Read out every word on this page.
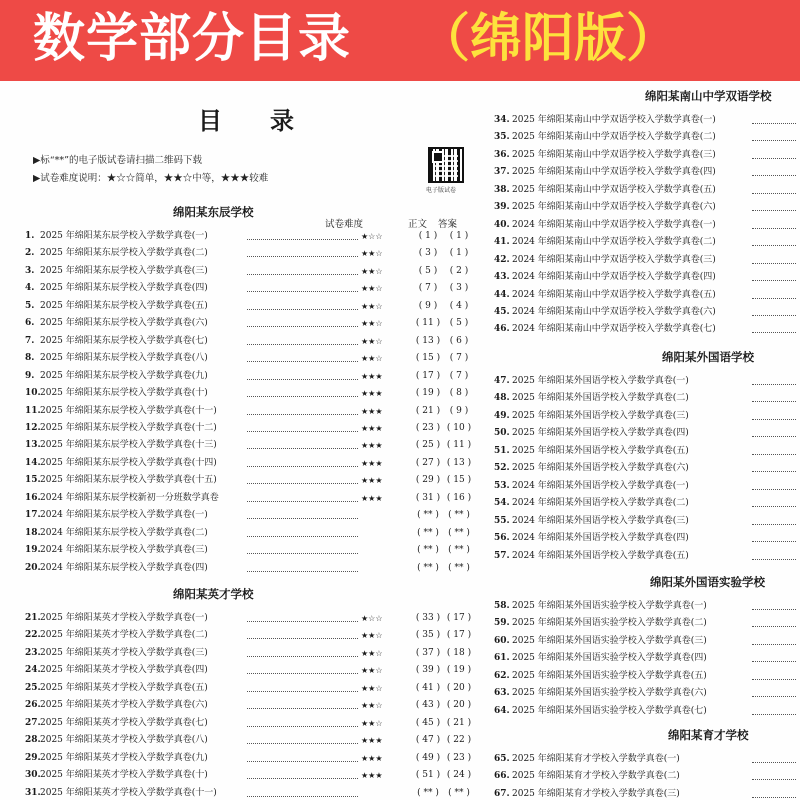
数学部分目录 （绵阳版）
目录
▶标“**”的电子版试卷请扫描二维码下载
▶试卷难度说明：★☆☆简单，★★☆中等，★★★较难
电子版试卷
试卷难度	正文 答案
绵阳某东辰学校
1. 2025 年绵阳某东辰学校入学数学真卷(一)	★☆☆	( 1 )	( 1 )
2. 2025 年绵阳某东辰学校入学数学真卷(二)	★★☆	( 3 )	( 1 )
3. 2025 年绵阳某东辰学校入学数学真卷(三)	★★☆	( 5 )	( 2 )
4. 2025 年绵阳某东辰学校入学数学真卷(四)	★★☆	( 7 )	( 3 )
5. 2025 年绵阳某东辰学校入学数学真卷(五)	★★☆	( 9 )	( 4 )
6. 2025 年绵阳某东辰学校入学数学真卷(六)	★★☆	( 11 )	( 5 )
7. 2025 年绵阳某东辰学校入学数学真卷(七)	★★☆	( 13 )	( 6 )
8. 2025 年绵阳某东辰学校入学数学真卷(八)	★★☆	( 15 )	( 7 )
9. 2025 年绵阳某东辰学校入学数学真卷(九)	★★★	( 17 )	( 7 )
10. 2025 年绵阳某东辰学校入学数学真卷(十)	★★★	( 19 )	( 8 )
11. 2025 年绵阳某东辰学校入学数学真卷(十一)	★★★	( 21 )	( 9 )
12. 2025 年绵阳某东辰学校入学数学真卷(十二)	★★★	( 23 ) ( 10 )
13. 2025 年绵阳某东辰学校入学数学真卷(十三)	★★★	( 25 ) ( 11 )
14. 2025 年绵阳某东辰学校入学数学真卷(十四)	★★★	( 27 ) ( 13 )
15. 2025 年绵阳某东辰学校入学数学真卷(十五)	★★★	( 29 ) ( 15 )
16. 2024 年绵阳某东辰学校新初一分班数学真卷	★★★	( 31 ) ( 16 )
17. 2024 年绵阳某东辰学校入学数学真卷(一)	( ** )	( ** )
18. 2024 年绵阳某东辰学校入学数学真卷(二)	( ** )	( ** )
19. 2024 年绵阳某东辰学校入学数学真卷(三)	( ** )	( ** )
20. 2024 年绵阳某东辰学校入学数学真卷(四)	( ** )	( ** )
绵阳某英才学校
21. 2025 年绵阳某英才学校入学数学真卷(一)	★☆☆	( 33 ) ( 17 )
22. 2025 年绵阳某英才学校入学数学真卷(二)	★★☆	( 35 ) ( 17 )
23. 2025 年绵阳某英才学校入学数学真卷(三)	★★☆	( 37 ) ( 18 )
24. 2025 年绵阳某英才学校入学数学真卷(四)	★★☆	( 39 ) ( 19 )
25. 2025 年绵阳某英才学校入学数学真卷(五)	★★☆	( 41 ) ( 20 )
26. 2025 年绵阳某英才学校入学数学真卷(六)	★★☆	( 43 ) ( 20 )
27. 2025 年绵阳某英才学校入学数学真卷(七)	★★☆	( 45 ) ( 21 )
28. 2025 年绵阳某英才学校入学数学真卷(八)	★★★	( 47 ) ( 22 )
29. 2025 年绵阳某英才学校入学数学真卷(九)	★★★	( 49 ) ( 23 )
30. 2025 年绵阳某英才学校入学数学真卷(十)	★★★	( 51 ) ( 24 )
31. 2025 年绵阳某英才学校入学数学真卷(十一)	( ** )	( ** )
绵阳某南山中学双语学校
34. 2025 年绵阳某南山中学双语学校入学数学真卷(一)
35. 2025 年绵阳某南山中学双语学校入学数学真卷(二)
36. 2025 年绵阳某南山中学双语学校入学数学真卷(三)
37. 2025 年绵阳某南山中学双语学校入学数学真卷(四)
38. 2025 年绵阳某南山中学双语学校入学数学真卷(五)
39. 2025 年绵阳某南山中学双语学校入学数学真卷(六)
40. 2024 年绵阳某南山中学双语学校入学数学真卷(一)
41. 2024 年绵阳某南山中学双语学校入学数学真卷(二)
42. 2024 年绵阳某南山中学双语学校入学数学真卷(三)
43. 2024 年绵阳某南山中学双语学校入学数学真卷(四)
44. 2024 年绵阳某南山中学双语学校入学数学真卷(五)
45. 2024 年绵阳某南山中学双语学校入学数学真卷(六)
46. 2024 年绵阳某南山中学双语学校入学数学真卷(七)
绵阳某外国语学校
47. 2025 年绵阳某外国语学校入学数学真卷(一)
48. 2025 年绵阳某外国语学校入学数学真卷(二)
49. 2025 年绵阳某外国语学校入学数学真卷(三)
50. 2025 年绵阳某外国语学校入学数学真卷(四)
51. 2025 年绵阳某外国语学校入学数学真卷(五)
52. 2025 年绵阳某外国语学校入学数学真卷(六)
53. 2024 年绵阳某外国语学校入学数学真卷(一)
54. 2024 年绵阳某外国语学校入学数学真卷(二)
55. 2024 年绵阳某外国语学校入学数学真卷(三)
56. 2024 年绵阳某外国语学校入学数学真卷(四)
57. 2024 年绵阳某外国语学校入学数学真卷(五)
绵阳某外国语实验学校
58. 2025 年绵阳某外国语实验学校入学数学真卷(一)
59. 2025 年绵阳某外国语实验学校入学数学真卷(二)
60. 2025 年绵阳某外国语实验学校入学数学真卷(三)
61. 2025 年绵阳某外国语实验学校入学数学真卷(四)
62. 2025 年绵阳某外国语实验学校入学数学真卷(五)
63. 2025 年绵阳某外国语实验学校入学数学真卷(六)
64. 2025 年绵阳某外国语实验学校入学数学真卷(七)
绵阳某育才学校
65. 2025 年绵阳某育才学校入学数学真卷(一)
66. 2025 年绵阳某育才学校入学数学真卷(二)
67. 2025 年绵阳某育才学校入学数学真卷(三)
